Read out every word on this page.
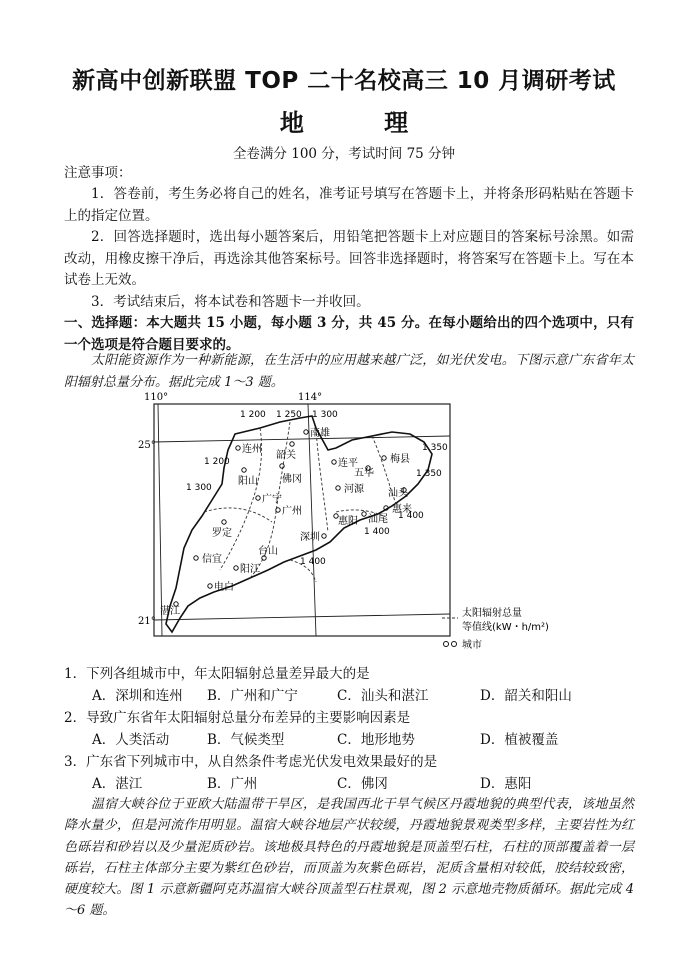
新高中创新联盟 TOP 二十名校高三 10 月调研考试
地 理
全卷满分 100 分，考试时间 75 分钟
注意事项：
1．答卷前，考生务必将自己的姓名，准考证号填写在答题卡上，并将条形码粘贴在答题卡上的指定位置。
2．回答选择题时，选出每小题答案后，用铅笔把答题卡上对应题目的答案标号涂黑。如需改动，用橡皮擦干净后，再选涂其他答案标号。回答非选择题时，将答案写在答题卡上。写在本试卷上无效。
3．考试结束后，将本试卷和答题卡一并收回。
一、选择题：本大题共 15 小题，每小题 3 分，共 45 分。在每小题给出的四个选项中，只有一个选项是符合题目要求的。
太阳能资源作为一种新能源，在生活中的应用越来越广泛，如光伏发电。下图示意广东省年太阳辐射总量分布。据此完成 1～3 题。
110°	114°
25°
21°
1 200 1 250 1 300
1 200
1 300
1 350
1 350
1 400
1 400
1 400
南雄
连州
韶关
阳山 佛冈
连平	梅县
五华
河源 汕头
广宁
广州	惠来
惠阳 汕尾
罗定	深圳
信宜
台山
阳江
电白
湛江	太阳辐射总量
等值线(kW・h/m²)
城市
1．下列各组城市中，年太阳辐射总量差异最大的是
A．深圳和连州 B．广州和广宁	C．汕头和湛江	D．韶关和阳山
2．导致广东省年太阳辐射总量分布差异的主要影响因素是
A．人类活动	B．气候类型	C．地形地势	D．植被覆盖
3．广东省下列城市中，从自然条件考虑光伏发电效果最好的是
A．湛江	B．广州	C．佛冈	D．惠阳
温宿大峡谷位于亚欧大陆温带干旱区，是我国西北干旱气候区丹霞地貌的典型代表，该地虽然降水量少，但是河流作用明显。温宿大峡谷地层产状较缓，丹霞地貌景观类型多样，主要岩性为红色砾岩和砂岩以及少量泥质砂岩。该地极具特色的丹霞地貌是顶盖型石柱，石柱的顶部覆盖着一层砾岩，石柱主体部分主要为紫红色砂岩，而顶盖为灰紫色砾岩，泥质含量相对较低，胶结较致密，硬度较大。图 1 示意新疆阿克苏温宿大峡谷顶盖型石柱景观，图 2 示意地壳物质循环。据此完成 4～6 题。
